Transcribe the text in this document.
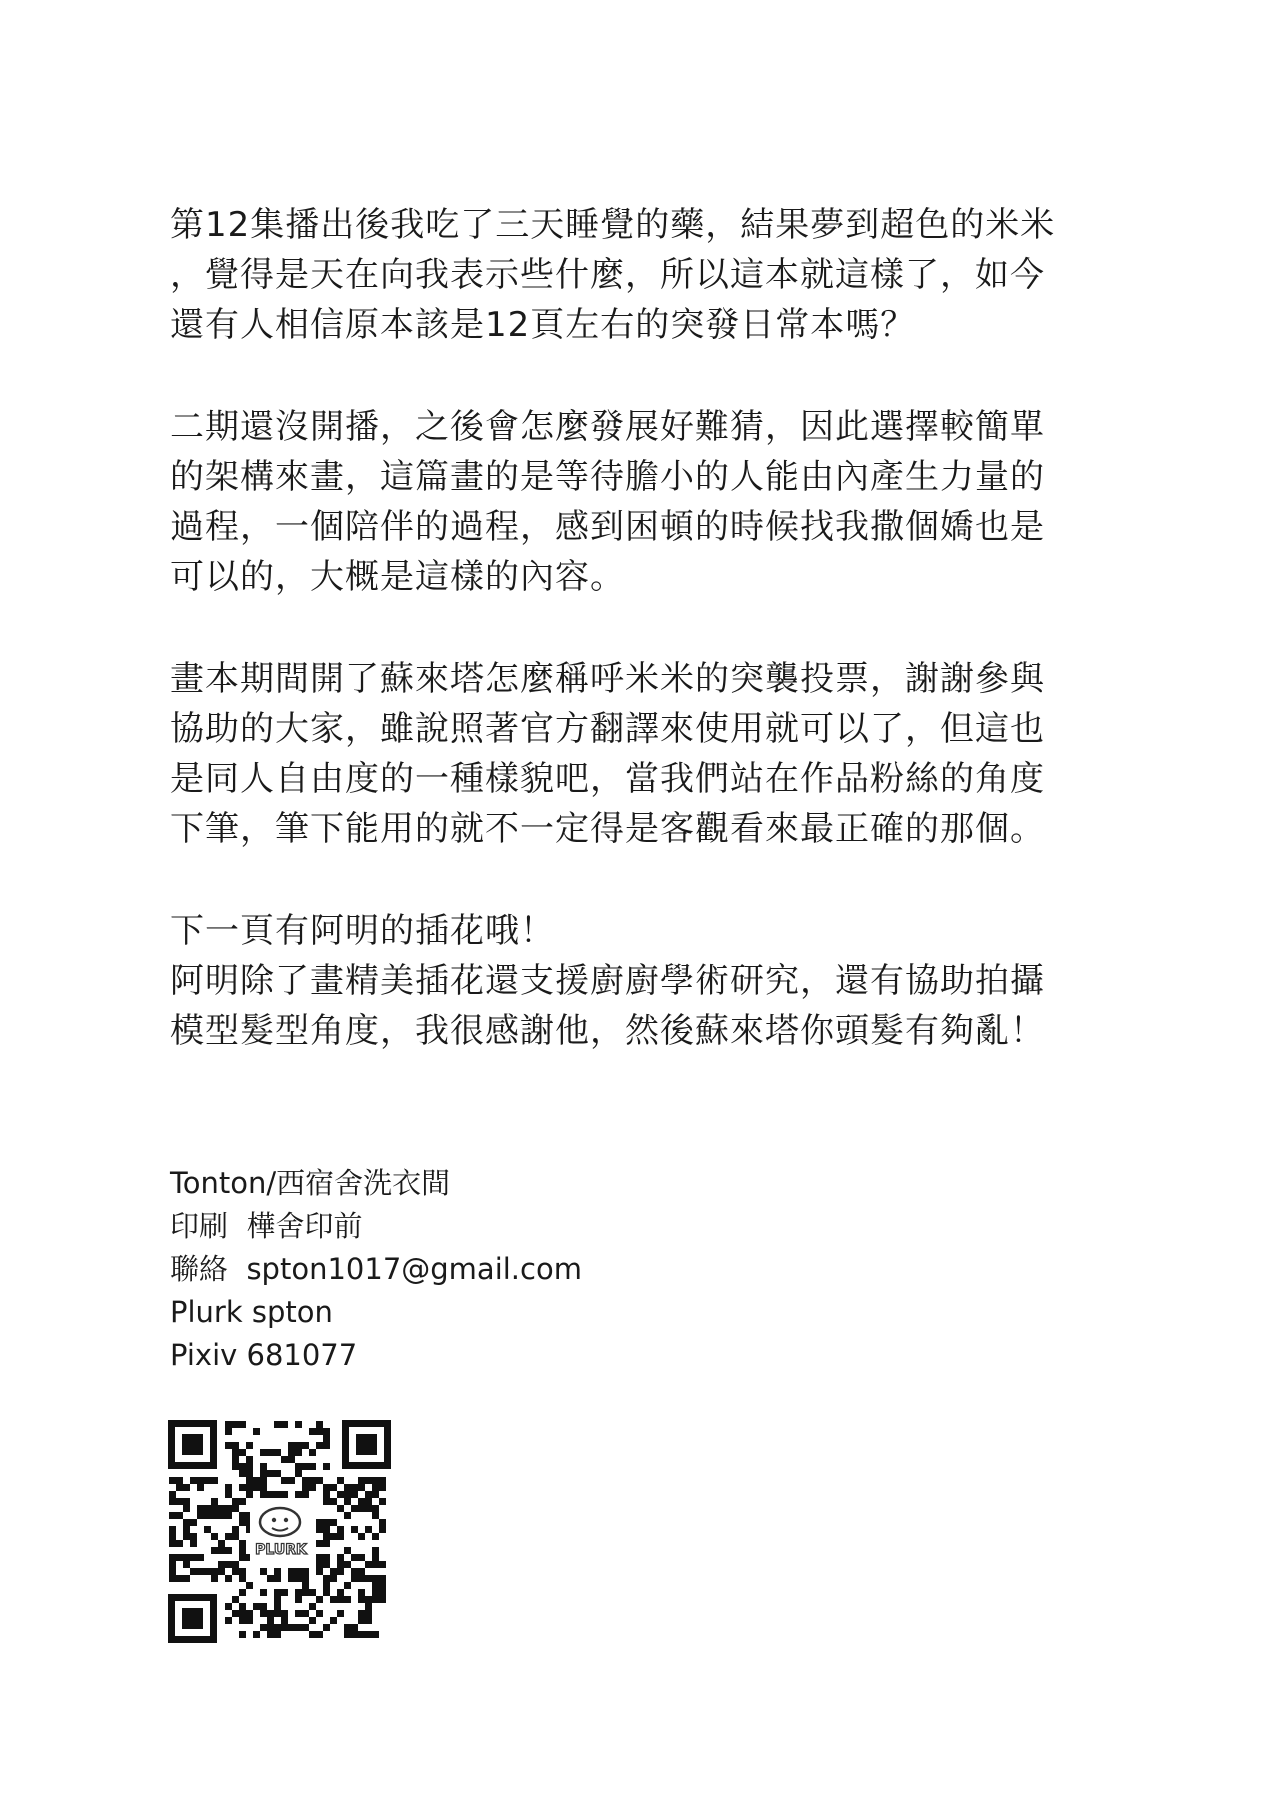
第12集播出後我吃了三天睡覺的藥，結果夢到超色的米米
，覺得是天在向我表示些什麼，所以這本就這樣了，如今
還有人相信原本該是12頁左右的突發日常本嗎？
二期還沒開播，之後會怎麼發展好難猜，因此選擇較簡單
的架構來畫，這篇畫的是等待膽小的人能由內產生力量的
過程，一個陪伴的過程，感到困頓的時候找我撒個嬌也是
可以的，大概是這樣的內容。
畫本期間開了蘇來塔怎麼稱呼米米的突襲投票，謝謝參與
協助的大家，雖說照著官方翻譯來使用就可以了，但這也
是同人自由度的一種樣貌吧，當我們站在作品粉絲的角度
下筆，筆下能用的就不一定得是客觀看來最正確的那個。
下一頁有阿明的插花哦！
阿明除了畫精美插花還支援廚廚學術研究，還有協助拍攝
模型髮型角度，我很感謝他，然後蘇來塔你頭髮有夠亂！
Tonton/西宿舍洗衣間
印刷 樺舍印前
聯絡 spton1017@gmail.com
Plurk spton
Pixiv 681077
PLURK
